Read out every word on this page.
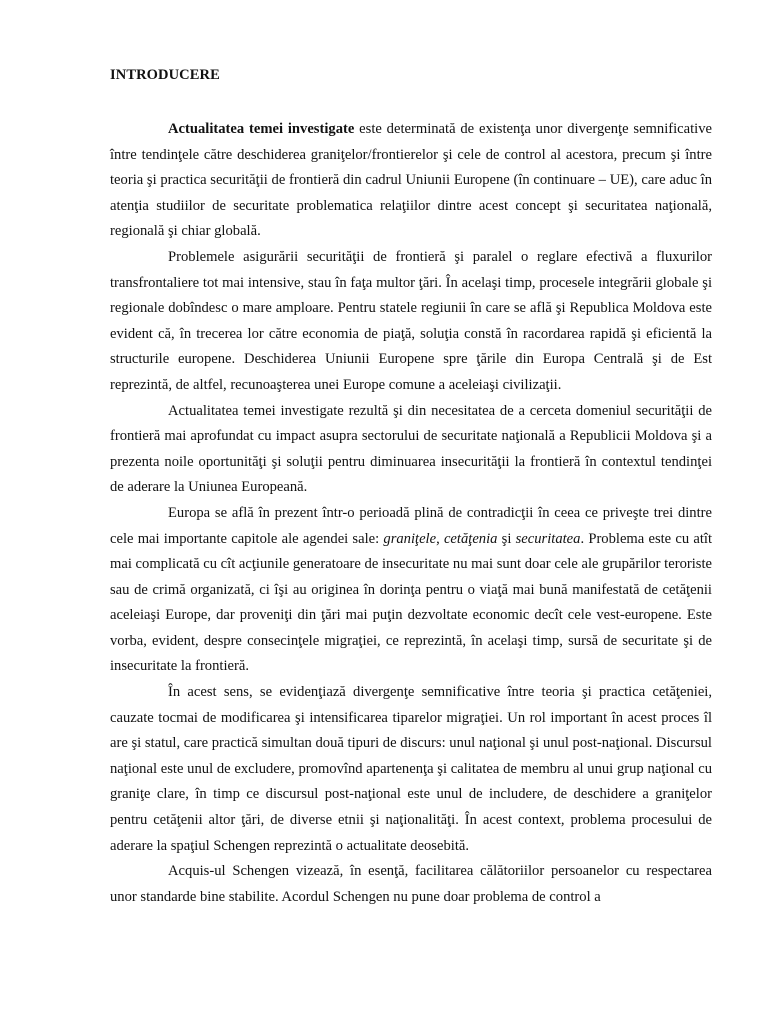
INTRODUCERE

Actualitatea temei investigate este determinată de existenţa unor divergenţe semnificative între tendinţele către deschiderea graniţelor/frontierelor şi cele de control al acestora, precum şi între teoria şi practica securităţii de frontieră din cadrul Uniunii Europene (în continuare – UE), care aduc în atenţia studiilor de securitate problematica relaţiilor dintre acest concept şi securitatea naţională, regională şi chiar globală.

Problemele asigurării securităţii de frontieră şi paralel o reglare efectivă a fluxurilor transfrontaliere tot mai intensive, stau în faţa multor ţări. În acelaşi timp, procesele integrării globale şi regionale dobîndesc o mare amploare. Pentru statele regiunii în care se află şi Republica Moldova este evident că, în trecerea lor către economia de piaţă, soluţia constă în racordarea rapidă şi eficientă la structurile europene. Deschiderea Uniunii Europene spre ţările din Europa Centrală şi de Est reprezintă, de altfel, recunoaşterea unei Europe comune a aceleiaşi civilizaţii.

Actualitatea temei investigate rezultă şi din necesitatea de a cerceta domeniul securităţii de frontieră mai aprofundat cu impact asupra sectorului de securitate naţională a Republicii Moldova şi a prezenta noile oportunităţi şi soluţii pentru diminuarea insecurităţii la frontieră în contextul tendinţei de aderare la Uniunea Europeană.

Europa se află în prezent într-o perioadă plină de contradicţii în ceea ce priveşte trei dintre cele mai importante capitole ale agendei sale: graniţele, cetăţenia şi securitatea. Problema este cu atît mai complicată cu cît acţiunile generatoare de insecuritate nu mai sunt doar cele ale grupărilor teroriste sau de crimă organizată, ci îşi au originea în dorinţa pentru o viaţă mai bună manifestată de cetăţenii aceleiaşi Europe, dar proveniţi din ţări mai puţin dezvoltate economic decît cele vest-europene. Este vorba, evident, despre consecinţele migraţiei, ce reprezintă, în acelaşi timp, sursă de securitate şi de insecuritate la frontieră.

În acest sens, se evidenţiază divergenţe semnificative între teoria şi practica cetăţeniei, cauzate tocmai de modificarea şi intensificarea tiparelor migraţiei. Un rol important în acest proces îl are şi statul, care practică simultan două tipuri de discurs: unul naţional şi unul post-naţional. Discursul naţional este unul de excludere, promovînd apartenenţa şi calitatea de membru al unui grup naţional cu graniţe clare, în timp ce discursul post-naţional este unul de includere, de deschidere a graniţelor pentru cetăţenii altor ţări, de diverse etnii şi naţionalităţi. În acest context, problema procesului de aderare la spaţiul Schengen reprezintă o actualitate deosebită.

Acquis-ul Schengen vizează, în esenţă, facilitarea călătoriilor persoanelor cu respectarea unor standarde bine stabilite. Acordul Schengen nu pune doar problema de control a
